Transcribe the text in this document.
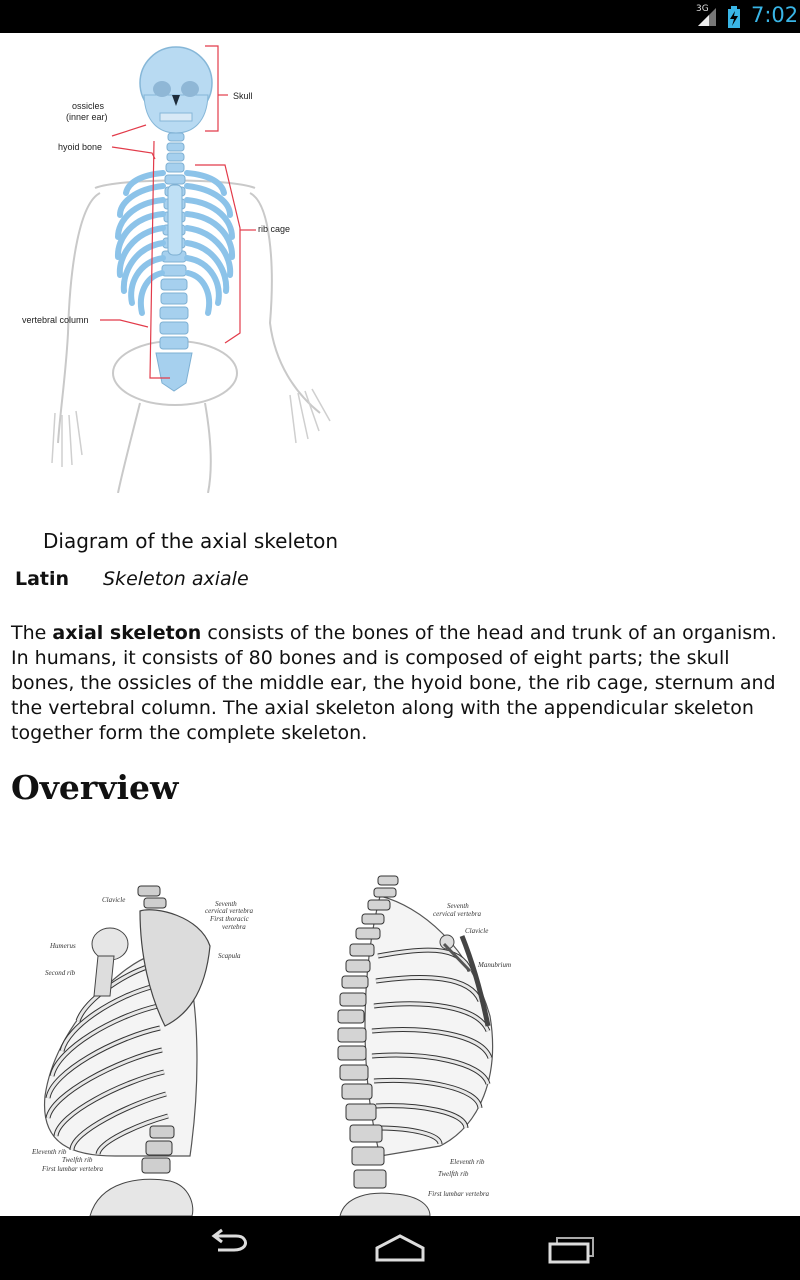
3G 7:02
ossicles
(inner ear)
hyoid bone
vertebral column
Skull
rib cage
Diagram of the axial skeleton
Latin Skeleton axiale

The axial skeleton consists of the bones of the head and trunk of an organism. In humans, it consists of 80 bones and is composed of eight parts; the skull bones, the ossicles of the middle ear, the hyoid bone, the rib cage, sternum and the vertebral column. The axial skeleton along with the appendicular skeleton together form the complete skeleton.

Overview
Clavicle	Seventh
cervical vertebra
First thoracic
vertebra
Humerus
Scapula
Second rib
Eleventh rib
Twelfth rib
First lumbar vertebra
Seventh
cervical vertebra
Clavicle
Manubrium
Eleventh rib
Twelfth rib
First lumbar vertebra
